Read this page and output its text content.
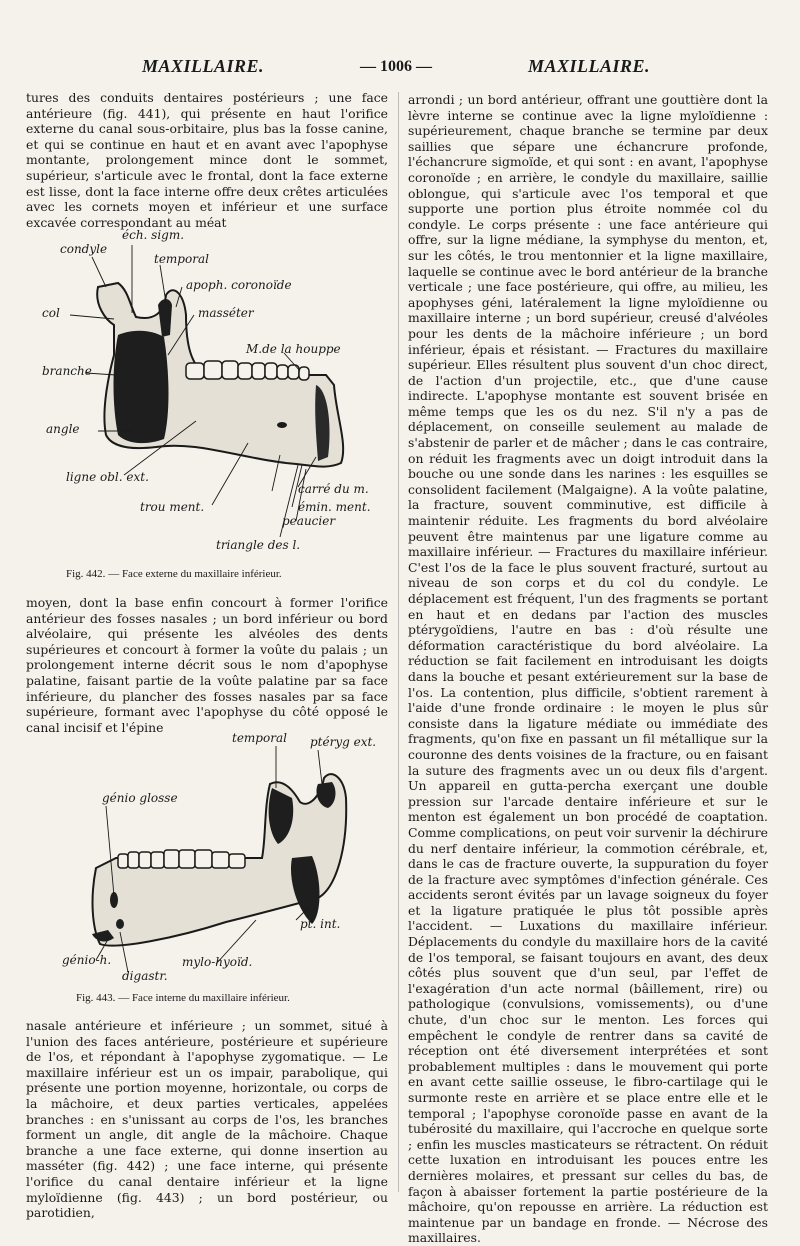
MAXILLAIRE.	— 1006 —	MAXILLAIRE.

tures des conduits dentaires postérieurs ; une face antérieure (fig. 441), qui présente en haut l'orifice externe du canal sous-orbitaire, plus bas la fosse canine, et qui se continue en haut et en avant avec l'apophyse montante, prolongement mince dont le sommet, supérieur, s'articule avec le frontal, dont la face externe est lisse, dont la face interne offre deux crêtes articulées avec les cornets moyen et inférieur et une surface excavée correspondant au méat

éch. sigm.
condyle
temporal
apoph. coronoïde
col	masséter
M.de la houppe
branche
angle
ligne obl. ext.
trou ment.
carré du m.
émin. ment.
peaucier
triangle des l.
Fig. 442. — Face externe du maxillaire inférieur.

moyen, dont la base enfin concourt à former l'orifice antérieur des fosses nasales ; un bord inférieur ou bord alvéolaire, qui présente les alvéoles des dents supérieures et concourt à former la voûte du palais ; un prolongement interne décrit sous le nom d'apophyse palatine, faisant partie de la voûte palatine par sa face inférieure, du plancher des fosses nasales par sa face supérieure, formant avec l'apophyse du côté opposé le canal incisif et l'épine

temporal ptéryg ext.
génio glosse
pt. int.
génio-h.
digastr.
mylo-hyoïd.
Fig. 443. — Face interne du maxillaire inférieur.

nasale antérieure et inférieure ; un sommet, situé à l'union des faces antérieure, postérieure et supérieure de l'os, et répondant à l'apophyse zygomatique. — Le maxillaire inférieur est un os impair, parabolique, qui présente une portion moyenne, horizontale, ou corps de la mâchoire, et deux parties verticales, appelées branches : en s'unissant au corps de l'os, les branches forment un angle, dit angle de la mâchoire. Chaque branche a une face externe, qui donne insertion au masséter (fig. 442) ; une face interne, qui présente l'orifice du canal dentaire inférieur et la ligne myloïdienne (fig. 443) ; un bord postérieur, ou parotidien,

arrondi ; un bord antérieur, offrant une gouttière dont la lèvre interne se continue avec la ligne myloïdienne : supérieurement, chaque branche se termine par deux saillies que sépare une échancrure profonde, l'échancrure sigmoïde, et qui sont : en avant, l'apophyse coronoïde ; en arrière, le condyle du maxillaire, saillie oblongue, qui s'articule avec l'os temporal et que supporte une portion plus étroite nommée col du condyle. Le corps présente : une face antérieure qui offre, sur la ligne médiane, la symphyse du menton, et, sur les côtés, le trou mentonnier et la ligne maxillaire, laquelle se continue avec le bord antérieur de la branche verticale ; une face postérieure, qui offre, au milieu, les apophyses géni, latéralement la ligne myloïdienne ou maxillaire interne ; un bord supérieur, creusé d'alvéoles pour les dents de la mâchoire inférieure ; un bord inférieur, épais et résistant. — Fractures du maxillaire supérieur. Elles résultent plus souvent d'un choc direct, de l'action d'un projectile, etc., que d'une cause indirecte. L'apophyse montante est souvent brisée en même temps que les os du nez. S'il n'y a pas de déplacement, on conseille seulement au malade de s'abstenir de parler et de mâcher ; dans le cas contraire, on réduit les fragments avec un doigt introduit dans la bouche ou une sonde dans les narines : les esquilles se consolident facilement (Malgaigne). A la voûte palatine, la fracture, souvent comminutive, est difficile à maintenir réduite. Les fragments du bord alvéolaire peuvent être maintenus par une ligature comme au maxillaire inférieur. — Fractures du maxillaire inférieur. C'est l'os de la face le plus souvent fracturé, surtout au niveau de son corps et du col du condyle. Le déplacement est fréquent, l'un des fragments se portant en haut et en dedans par l'action des muscles ptérygoïdiens, l'autre en bas : d'où résulte une déformation caractéristique du bord alvéolaire. La réduction se fait facilement en introduisant les doigts dans la bouche et pesant extérieurement sur la base de l'os. La contention, plus difficile, s'obtient rarement à l'aide d'une fronde ordinaire : le moyen le plus sûr consiste dans la ligature médiate ou immédiate des fragments, qu'on fixe en passant un fil métallique sur la couronne des dents voisines de la fracture, ou en faisant la suture des fragments avec un ou deux fils d'argent. Un appareil en gutta-percha exerçant une double pression sur l'arcade dentaire inférieure et sur le menton est également un bon procédé de coaptation. Comme complications, on peut voir survenir la déchirure du nerf dentaire inférieur, la commotion cérébrale, et, dans le cas de fracture ouverte, la suppuration du foyer de la fracture avec symptômes d'infection générale. Ces accidents seront évités par un lavage soigneux du foyer et la ligature pratiquée le plus tôt possible après l'accident. — Luxations du maxillaire inférieur. Déplacements du condyle du maxillaire hors de la cavité de l'os temporal, se faisant toujours en avant, des deux côtés plus souvent que d'un seul, par l'effet de l'exagération d'un acte normal (bâillement, rire) ou pathologique (convulsions, vomissements), ou d'une chute, d'un choc sur le menton. Les forces qui empêchent le condyle de rentrer dans sa cavité de réception ont été diversement interprétées et sont probablement multiples : dans le mouvement qui porte en avant cette saillie osseuse, le fibro-cartilage qui le surmonte reste en arrière et se place entre elle et le temporal ; l'apophyse coronoïde passe en avant de la tubérosité du maxillaire, qui l'accroche en quelque sorte ; enfin les muscles masticateurs se rétractent. On réduit cette luxation en introduisant les pouces entre les dernières molaires, et pressant sur celles du bas, de façon à abaisser fortement la partie postérieure de la mâchoire, qu'on repousse en arrière. La réduction est maintenue par un bandage en fronde. — Nécrose des maxillaires.
